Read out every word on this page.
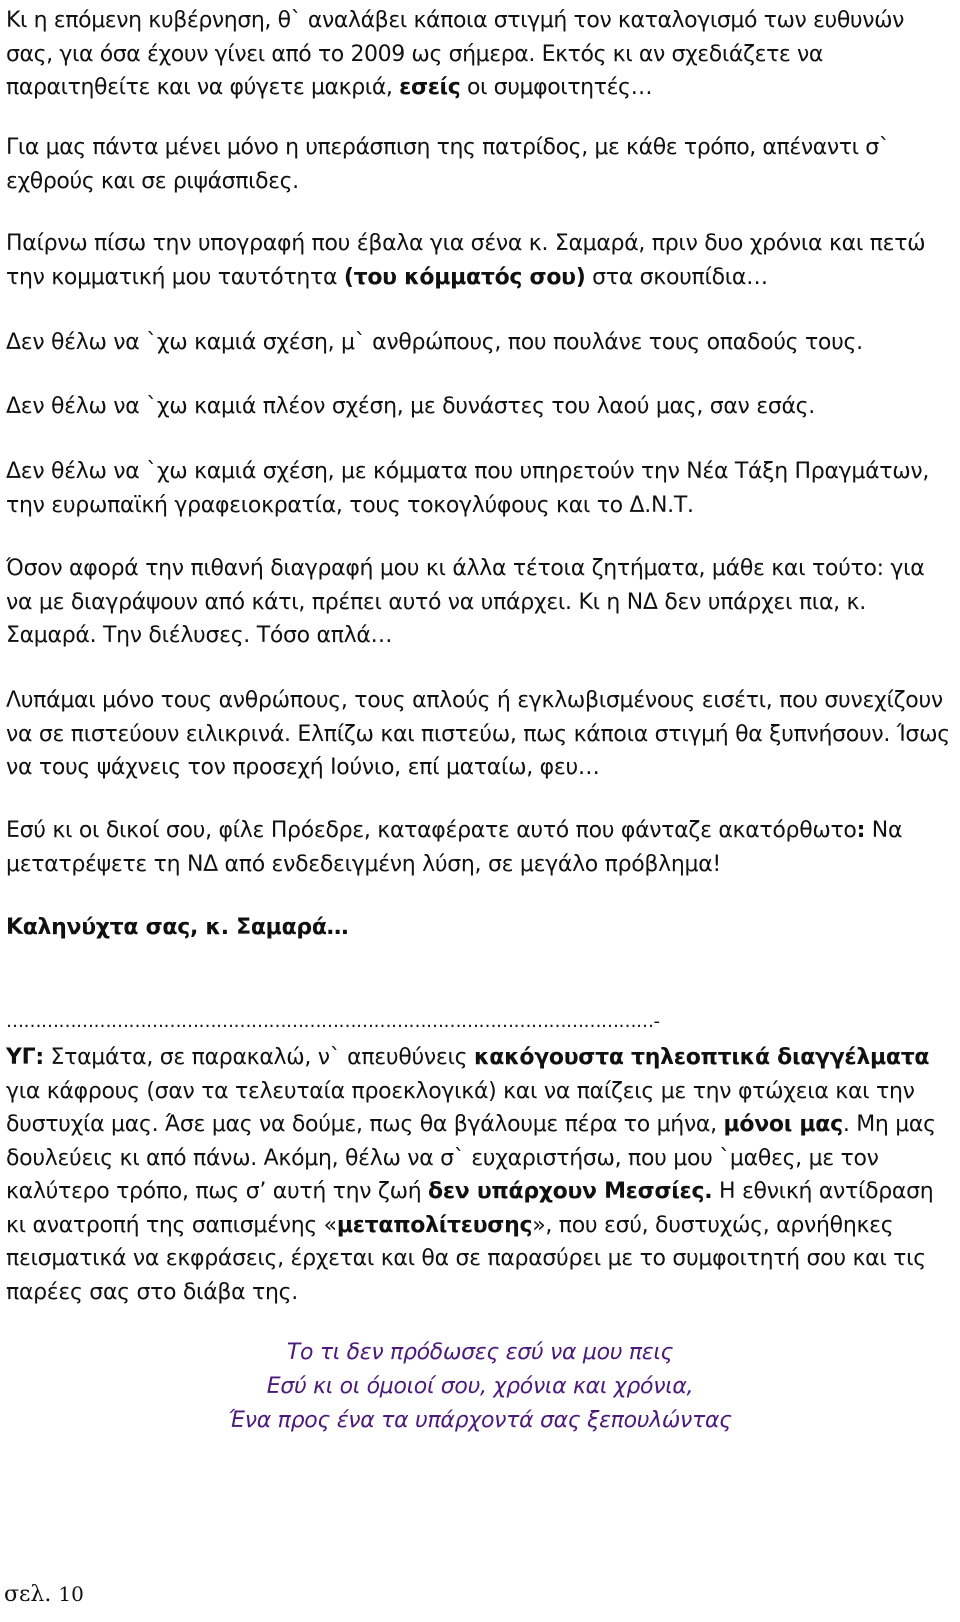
Κι η επόμενη κυβέρνηση, θ` αναλάβει κάποια στιγμή τον καταλογισμό των ευθυνών σας, για όσα έχουν γίνει από το 2009 ως σήμερα. Εκτός κι αν σχεδιάζετε να παραιτηθείτε και να φύγετε μακριά, εσείς οι συμφοιτητές…

Για μας πάντα μένει μόνο η υπεράσπιση της πατρίδος, με κάθε τρόπο, απέναντι σ` εχθρούς και σε ριψάσπιδες.

Παίρνω πίσω την υπογραφή που έβαλα για σένα κ. Σαμαρά, πριν δυο χρόνια και πετώ την κομματική μου ταυτότητα (του κόμματός σου) στα σκουπίδια…

Δεν θέλω να `χω καμιά σχέση, μ` ανθρώπους, που πουλάνε τους οπαδούς τους.

Δεν θέλω να `χω καμιά πλέον σχέση, με δυνάστες του λαού μας, σαν εσάς.

Δεν θέλω να `χω καμιά σχέση, με κόμματα που υπηρετούν την Νέα Τάξη Πραγμάτων, την ευρωπαϊκή γραφειοκρατία, τους τοκογλύφους και το Δ.Ν.Τ.

Όσον αφορά την πιθανή διαγραφή μου κι άλλα τέτοια ζητήματα, μάθε και τούτο: για να με διαγράψουν από κάτι, πρέπει αυτό να υπάρχει. Κι η ΝΔ δεν υπάρχει πια, κ. Σαμαρά. Την διέλυσες. Τόσο απλά…

Λυπάμαι μόνο τους ανθρώπους, τους απλούς ή εγκλωβισμένους εισέτι, που συνεχίζουν να σε πιστεύουν ειλικρινά. Ελπίζω και πιστεύω, πως κάποια στιγμή θα ξυπνήσουν. Ίσως να τους ψάχνεις τον προσεχή Ιούνιο, επί ματαίω, φευ…

Εσύ κι οι δικοί σου, φίλε Πρόεδρε, καταφέρατε αυτό που φάνταζε ακατόρθωτο: Να μετατρέψετε τη ΝΔ από ενδεδειγμένη λύση, σε μεγάλο πρόβλημα!

Καληνύχτα σας, κ. Σαμαρά…

…………………………………………………………………………………………………-

ΥΓ: Σταμάτα, σε παρακαλώ, ν` απευθύνεις κακόγουστα τηλεοπτικά διαγγέλματα για κάφρους (σαν τα τελευταία προεκλογικά) και να παίζεις με την φτώχεια και την δυστυχία μας. Άσε μας να δούμε, πως θα βγάλουμε πέρα το μήνα, μόνοι μας. Μη μας δουλεύεις κι από πάνω. Ακόμη, θέλω να σ` ευχαριστήσω, που μου `μαθες, με τον καλύτερο τρόπο, πως σ’ αυτή την ζωή δεν υπάρχουν Μεσσίες. Η εθνική αντίδραση κι ανατροπή της σαπισμένης «μεταπολίτευσης», που εσύ, δυστυχώς, αρνήθηκες πεισματικά να εκφράσεις, έρχεται και θα σε παρασύρει με το συμφοιτητή σου και τις παρέες σας στο διάβα της.

Το τι δεν πρόδωσες εσύ να μου πεις

Εσύ κι οι όμοιοί σου, χρόνια και χρόνια,

Ένα προς ένα τα υπάρχοντά σας ξεπουλώντας

σελ. 10
